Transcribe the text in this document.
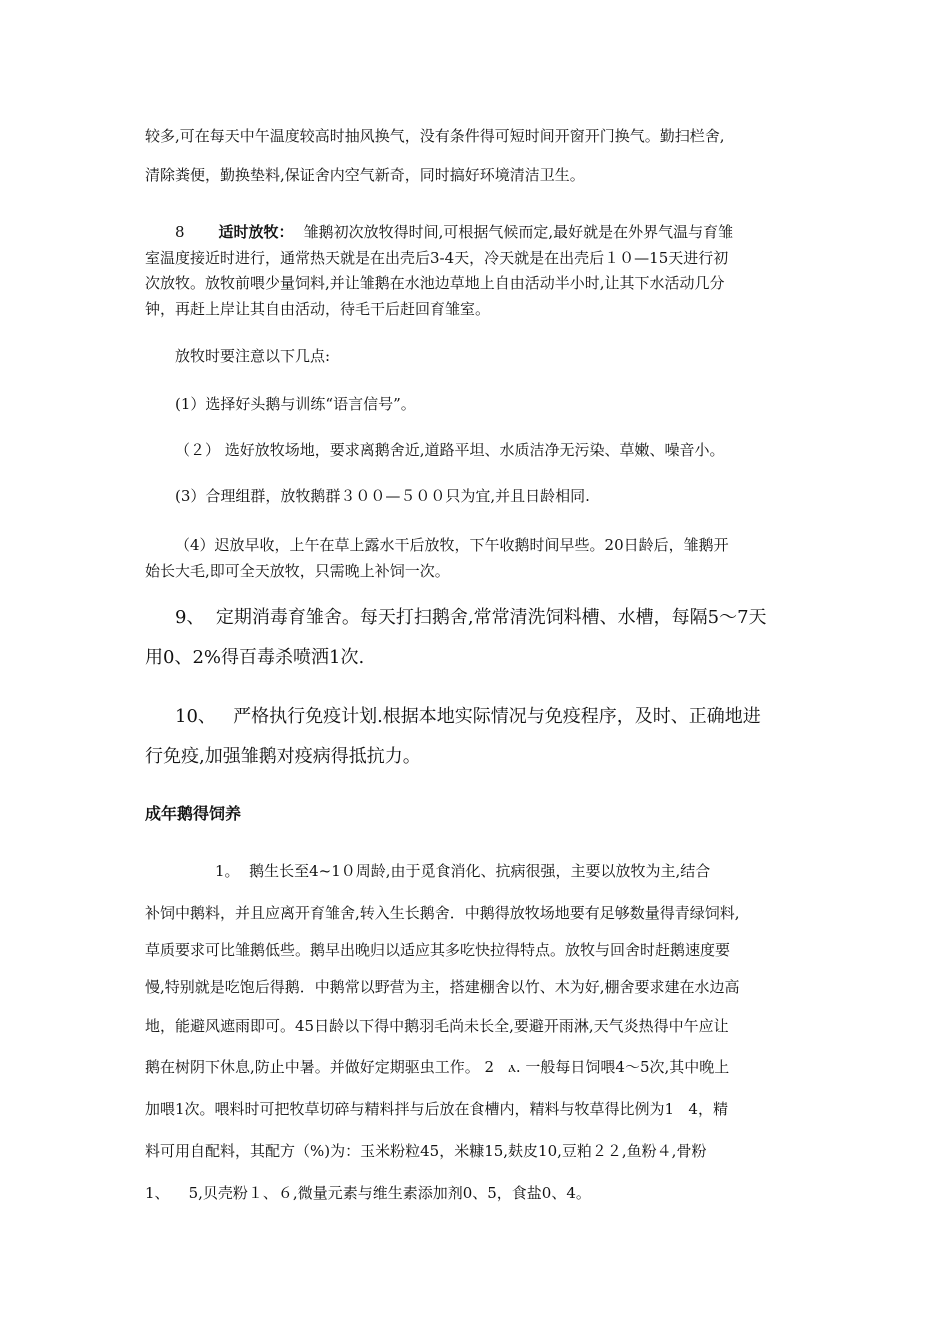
较多,可在每天中午温度较高时抽风换气，没有条件得可短时间开窗开门换气。勤扫栏舍,

清除粪便，勤换垫料,保证舍内空气新奇，同时搞好环境清洁卫生。

8 适时放牧： 雏鹅初次放牧得时间,可根据气候而定,最好就是在外界气温与育雏

室温度接近时进行，通常热天就是在出壳后3-4天，冷天就是在出壳后１０—15天进行初

次放牧。放牧前喂少量饲料,并让雏鹅在水池边草地上自由活动半小时,让其下水活动几分

钟，再赶上岸让其自由活动，待毛干后赶回育雏室。

放牧时要注意以下几点:

(1）选择好头鹅与训练“语言信号”。

（２） 选好放牧场地，要求离鹅舍近,道路平坦、水质洁净无污染、草嫩、噪音小。

(3）合理组群，放牧鹅群３００—５００只为宜,并且日龄相同.

（4）迟放早收，上午在草上露水干后放牧，下午收鹅时间早些。20日龄后，雏鹅开

始长大毛,即可全天放牧，只需晚上补饲一次。

9、  定期消毒育雏舍。每天打扫鹅舍,常常清洗饲料槽、水槽，每隔5～7天

用0、2%得百毒杀喷洒1次.

10、   严格执行免疫计划.根据本地实际情况与免疫程序，及时、正确地进

行免疫,加强雏鹅对疫病得抵抗力。

成年鹅得饲养

1。  鹅生长至4~1０周龄,由于觅食消化、抗病很强，主要以放牧为主,结合

补饲中鹅料，并且应离开育雏舍,转入生长鹅舍．中鹅得放牧场地要有足够数量得青绿饲料,

草质要求可比雏鹅低些。鹅早出晚归以适应其多吃快拉得特点。放牧与回舍时赶鹅速度要

慢,特别就是吃饱后得鹅．中鹅常以野营为主，搭建棚舍以竹、木为好,棚舍要求建在水边高

地，能避风遮雨即可。45日龄以下得中鹅羽毛尚未长全,要避开雨淋,天气炎热得中午应让

鹅在树阴下休息,防止中暑。并做好定期驱虫工作。 2   ⲁ. 一般每日饲喂4～5次,其中晚上

加喂1次。喂料时可把牧草切碎与精料拌与后放在食槽内，精料与牧草得比例为1   4，精

料可用自配料，其配方（%)为：玉米粉粒45，米糠15,麸皮10,豆粕２２,鱼粉４,骨粉

1、    5,贝壳粉１、６,微量元素与维生素添加剂0、5，食盐0、4。
